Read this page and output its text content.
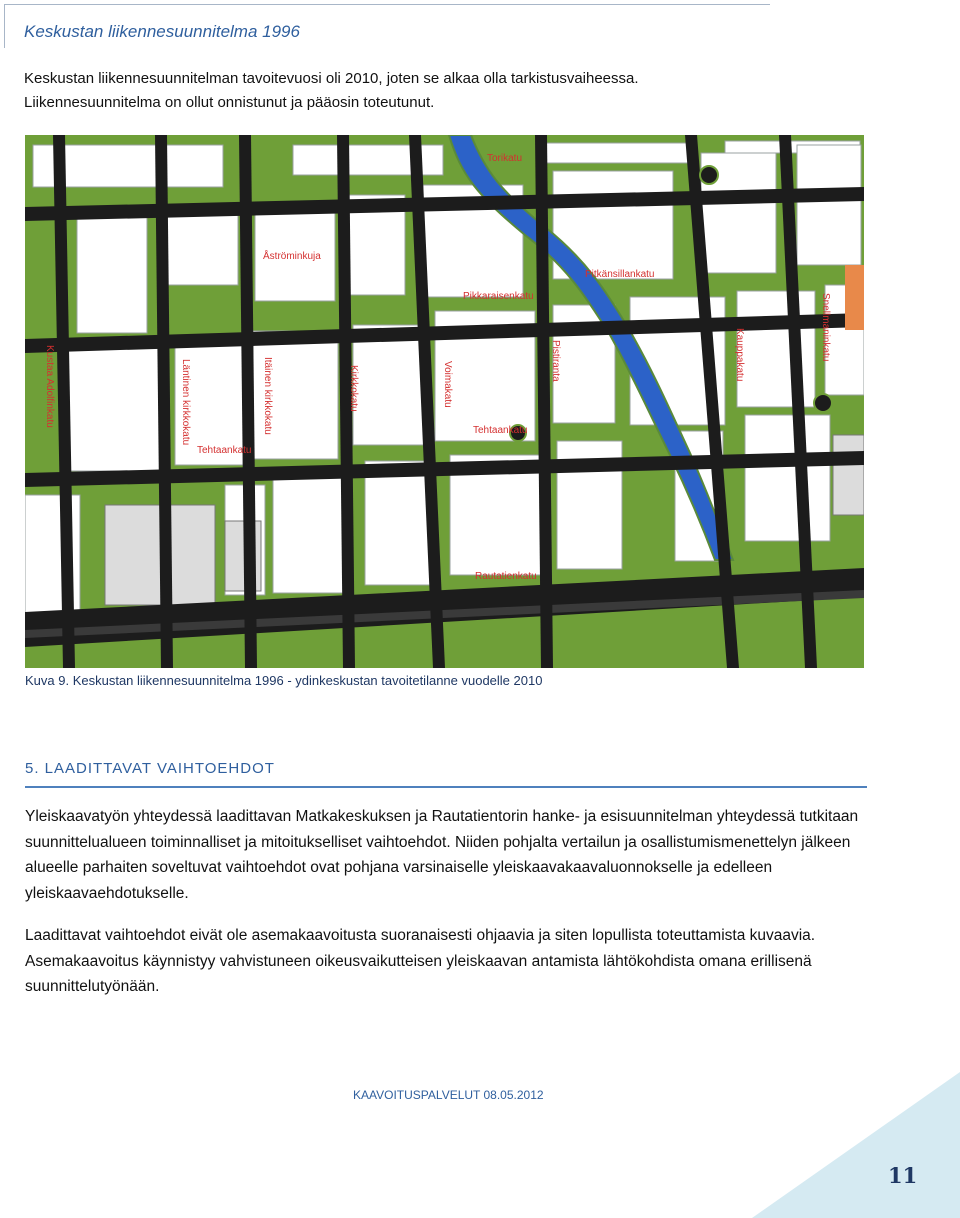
Keskustan liikennesuunnitelma 1996

Keskustan liikennesuunnitelman tavoitevuosi oli 2010, joten se alkaa olla tarkistusvaiheessa.

Liikennesuunnitelma on ollut onnistunut ja pääosin toteutunut.

Torikatu
Åströminkuja
Pikkaraisenkatu
Pitkänsillankatu
Kustaa Adolfinkatu	Läntinen kirkkokatu	Itäinen kirkkokatu	Kirkkokatu	Voimakatu
Pistiranta	Kauppakatu	Snellmaninkatu
Tehtaankatu
Tehtaankatu
Rautatienkatu
Kuva 9. Keskustan liikennesuunnitelma 1996 - ydinkeskustan tavoitetilanne vuodelle 2010
5. LAADITTAVAT VAIHTOEHDOT

Yleiskaavatyön yhteydessä laadittavan Matkakeskuksen ja Rautatientorin hanke- ja esisuunnitelman yhteydessä tutkitaan suunnittelualueen toiminnalliset ja mitoitukselliset vaihtoehdot. Niiden pohjalta vertailun ja osallistumismenettelyn jälkeen alueelle parhaiten soveltuvat vaihtoehdot ovat pohjana varsinaiselle yleiskaavakaavaluonnokselle ja edelleen yleiskaavaehdotukselle.

Laadittavat vaihtoehdot eivät ole asemakaavoitusta suoranaisesti ohjaavia ja siten lopullista toteuttamista kuvaavia. Asemakaavoitus käynnistyy vahvistuneen oikeusvaikutteisen yleiskaavan antamista lähtökohdista omana erillisenä suunnittelutyönään.

KAAVOITUSPALVELUT 08.05.2012
11
